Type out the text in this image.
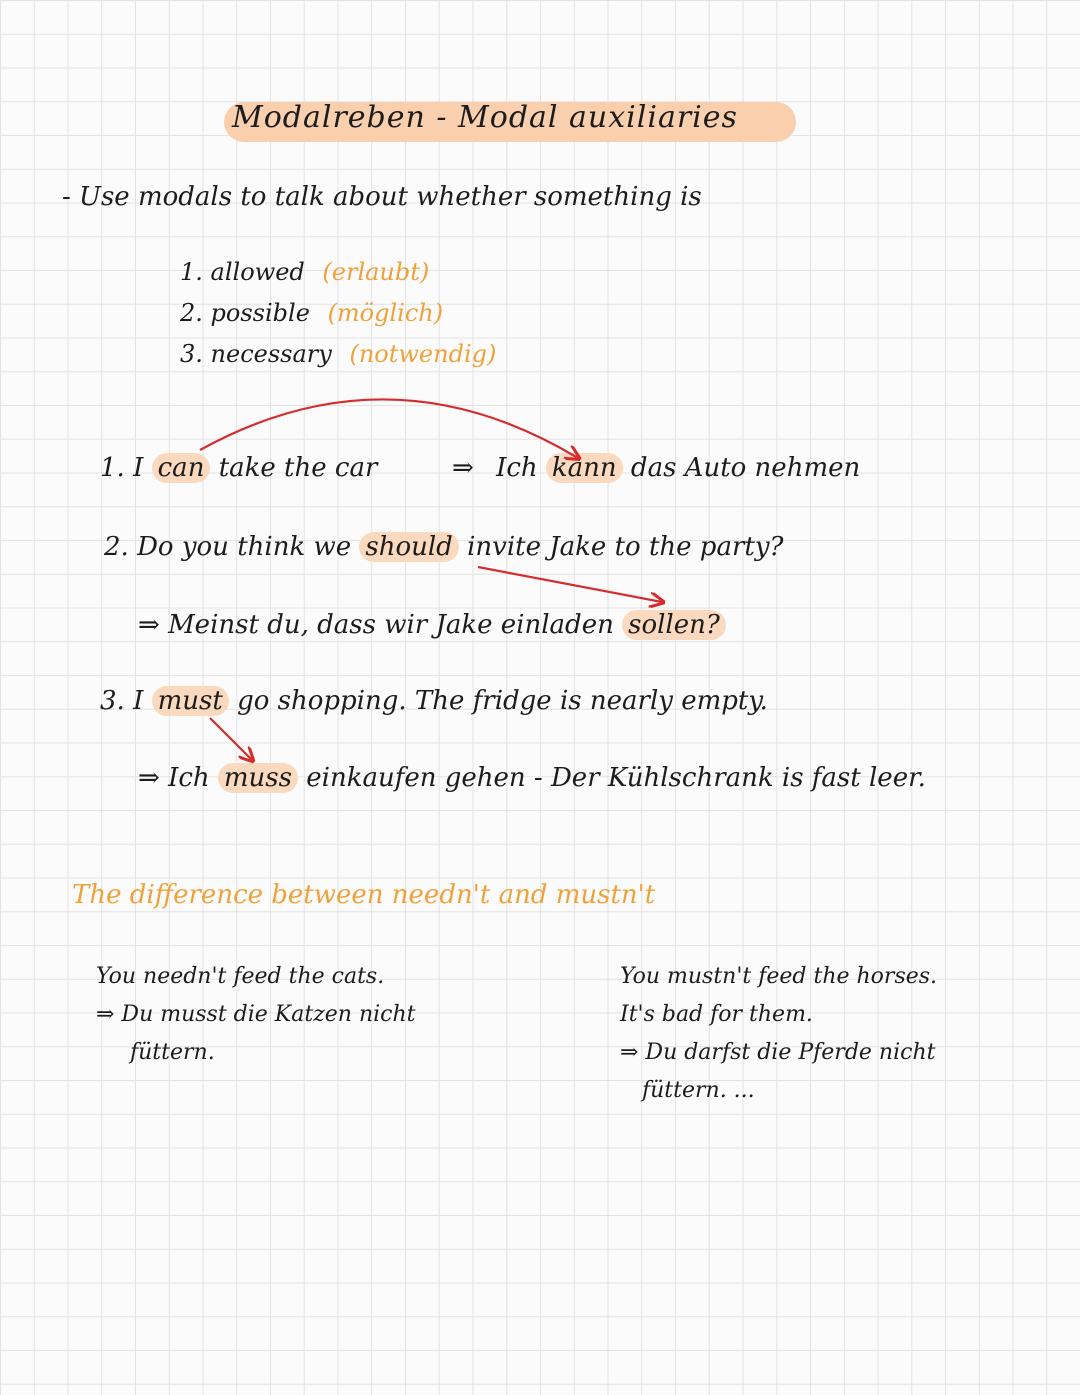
Modalreben - Modal auxiliaries
- Use modals to talk about whether something is
1. allowed (erlaubt)
2. possible (möglich)
3. necessary (notwendig)
1. I can take the car	⇒ Ich kann das Auto nehmen
2. Do you think we should invite Jake to the party?
⇒ Meinst du, dass wir Jake einladen sollen?
3. I must go shopping. The fridge is nearly empty.
⇒ Ich muss einkaufen gehen - Der Kühlschrank is fast leer.
The difference between needn't and mustn't
You needn't feed the cats.
⇒ Du musst die Katzen nicht
füttern.
You mustn't feed the horses.
It's bad for them.
⇒ Du darfst die Pferde nicht
füttern. ...
